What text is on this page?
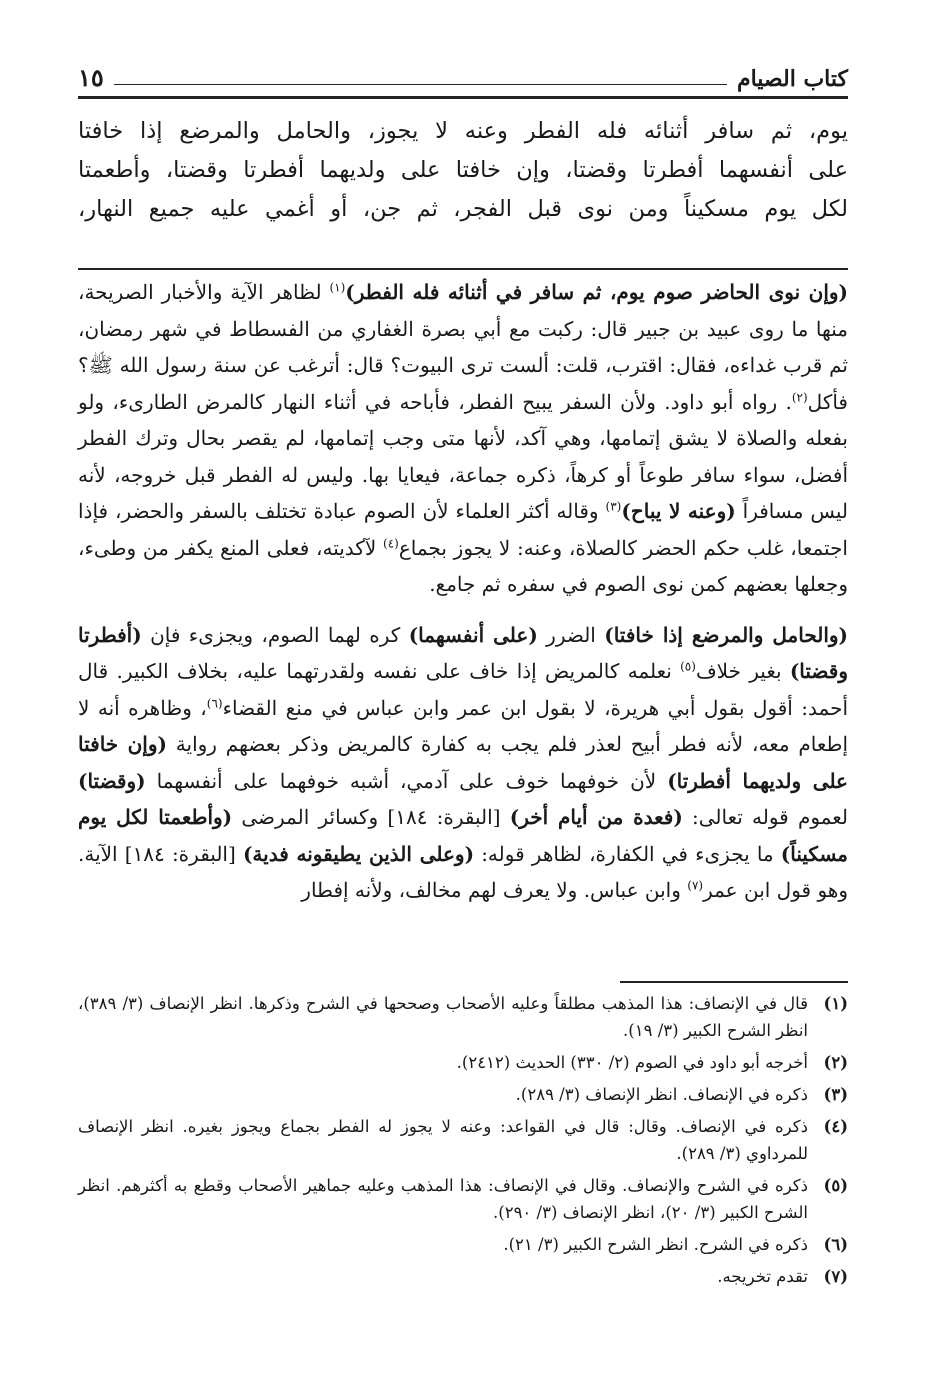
كتاب الصيام
١٥

يوم، ثم سافر أثنائه فله الفطر وعنه لا يجوز، والحامل والمرضع إذا خافتا

على أنفسهما أفطرتا وقضتا، وإن خافتا على ولديهما أفطرتا وقضتا، وأطعمتا

لكل يوم مسكيناً ومن نوى قبل الفجر، ثم جن، أو أغمي عليه جميع النهار،

(وإن نوى الحاضر صوم يوم، ثم سافر في أثنائه فله الفطر)$^{(١)}$ لظاهر الآية والأخبار الصريحة، منها ما روى عبيد بن جبير قال: ركبت مع أبي بصرة الغفاري من الفسطاط في شهر رمضان، ثم قرب غداءه، فقال: اقترب، قلت: ألست ترى البيوت؟ قال: أترغب عن سنة رسول الله ﷺ؟ فأكل$^{(٢)}$. رواه أبو داود. ولأن السفر يبيح الفطر، فأباحه في أثناء النهار كالمرض الطارىء، ولو بفعله والصلاة لا يشق إتمامها، وهي آكد، لأنها متى وجب إتمامها، لم يقصر بحال وترك الفطر أفضل، سواء سافر طوعاً أو كرهاً، ذكره جماعة، فيعايا بها. وليس له الفطر قبل خروجه، لأنه ليس مسافراً (وعنه لا يباح)$^{(٣)}$ وقاله أكثر العلماء لأن الصوم عبادة تختلف بالسفر والحضر، فإذا اجتمعا، غلب حكم الحضر كالصلاة، وعنه: لا يجوز بجماع$^{(٤)}$ لآكديته، فعلى المنع يكفر من وطىء، وجعلها بعضهم كمن نوى الصوم في سفره ثم جامع.

(والحامل والمرضع إذا خافتا) الضرر (على أنفسهما) كره لهما الصوم، ويجزىء فإن (أفطرتا وقضتا) بغير خلاف$^{(٥)}$ نعلمه كالمريض إذا خاف على نفسه ولقدرتهما عليه، بخلاف الكبير. قال أحمد: أقول بقول أبي هريرة، لا بقول ابن عمر وابن عباس في منع القضاء$^{(٦)}$، وظاهره أنه لا إطعام معه، لأنه فطر أبيح لعذر فلم يجب به كفارة كالمريض وذكر بعضهم رواية (وإن خافتا على ولديهما أفطرتا) لأن خوفهما خوف على آدمي، أشبه خوفهما على أنفسهما (وقضتا) لعموم قوله تعالى: (فعدة من أيام أخر) [البقرة: ١٨٤] وكسائر المرضى (وأطعمتا لكل يوم مسكيناً) ما يجزىء في الكفارة، لظاهر قوله: (وعلى الذين يطيقونه فدية) [البقرة: ١٨٤] الآية. وهو قول ابن عمر$^{(٧)}$ وابن عباس. ولا يعرف لهم مخالف، ولأنه إفطار

(١)
قال في الإنصاف: هذا المذهب مطلقاً وعليه الأصحاب وصححها في الشرح وذكرها. انظر الإنصاف (٣/ ٣٨٩)، انظر الشرح الكبير (٣/ ١٩).
(٢)
أخرجه أبو داود في الصوم (٢/ ٣٣٠) الحديث (٢٤١٢).
(٣)
ذكره في الإنصاف. انظر الإنصاف (٣/ ٢٨٩).
(٤)
ذكره في الإنصاف. وقال: قال في القواعد: وعنه لا يجوز له الفطر بجماع ويجوز بغيره. انظر الإنصاف للمرداوي (٣/ ٢٨٩).
(٥)
ذكره في الشرح والإنصاف. وقال في الإنصاف: هذا المذهب وعليه جماهير الأصحاب وقطع به أكثرهم. انظر الشرح الكبير (٣/ ٢٠)، انظر الإنصاف (٣/ ٢٩٠).
(٦)
ذكره في الشرح. انظر الشرح الكبير (٣/ ٢١).
(٧)
تقدم تخريجه.
